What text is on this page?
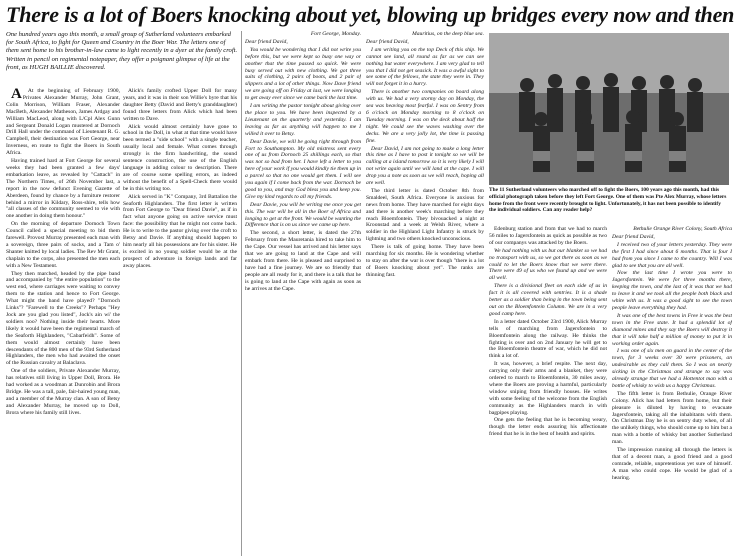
There is a lot of Boers knocking about yet, blowing up bridges every now and then
One hundred years ago this month, a small group of Sutherland volunteers embarked for South Africa, to fight for Queen and Country in the Boer War. The letters one of them sent home to his brother-in-law came to light recently in a dyer at the family croft. Written in pencil on regimental notepaper, they offer a poignant glimpse of life at the front, as HUGH BAILLIE discovered.

A At the beginning of February 1900, Privates Alexander Murray, John Grant, Colin Morrison, William Fraser, Alexander MacBeth, Alexander Matheson, James Ardgay and William MacLeod, along with L/Cpl Alex Gunn and Sergeant Donald Logan mustered at Dornoch Drill Hall under the command of Lieutenant R. G. Campbell, their destination was Fort George, near Inverness, en route to fight the Boers in South Africa.

Having trained hard at Fort George for several weeks they had been granted a few days' embarkation leave, as revealed by "Cattach" in The Northern Times, of 26th November last, a report in the now defunct Evening Gazette of Aberdeen, found by chance by a furniture restorer behind a mirror in Kildary, Ross-shire, tells how "all classes of the community seemed to vie with one another in doing them honour."

On the morning of departure Dornoch Town Council called a special meeting to bid them farewell. Provost Murray presented each man with a sovereign, three pairs of socks, and a Tam o' Shanter knitted by local ladies. The Rev Mr Grant, chaplain to the corps, also presented the men each with a New Testament.

They then marched, headed by the pipe band and accompanied by "the entire population" to the west end, where carriages were waiting to convey them to the station and hence to Fort George. What might the band have played? "Dornoch Links"? "Farewell to the Creeks"? Perhaps "Hey Jock are you glad you listed", Jock's ain wi' the soldiers noo? Nothing inside their hearts. More likely it would have been the regimental march of the Seaforth Highlanders, "Cabarfeidh". Some of them would almost certainly have been descendants of the 800 men of the 93rd Sutherland Highlanders, the men who had awaited the onset of the Russian cavalry at Balaclava.

One of the soldiers, Private Alexander Murray, has relatives still living in Upper Doll, Brora. He had worked as a woodman at Dunrobin and Brora Bridge. He was a tall, pale, fair-haired young man, and a member of the Murray clan. A son of Betsy and Alexander Murray, he moved up to Doll, Brora where his family still lives.

Alick's family crofted Upper Doll for many years, and it was in their son Willie's byre that his daughter Betty (David and Betty's granddaughter) found three letters from Alick which had been written to Dave.

Alick would almost certainly have gone to school in the Doll, in what at that time would have been termed a "side school" with a single teacher, usually local and female. What comes through strongly is the firm handwriting, the sound sentence construction, the use of the English language in adding colour to description. There are of course some spelling errors, as indeed without the benefit of a Spell-Check there would be in this writing too.

Alick served in "K" Company, 3rd Battalion the Seaforth Highlanders. The first letter is written from Fort George to "Dear friend Davie", as if in fact what anyone going on active service must face: the possibility that he might not come back. He is to write to the pastor giving over the croft to Betsy and Davie. If anything should happen to him nearly all his possessions are for his sister. He is excited in no young soldier would be at the prospect of adventure in foreign lands and far away places.

Fort George, Monday.

Dear friend David,

You would be wondering that I did not write you before this, but we were kept so busy one way or another that the time passed so quick. We were busy served out with new clothing. We got three suits of clothing, 2 pairs of boots, and 2 pair of slippers and a lot of other things. Now Dave friend we are going off on Friday at last, we were longing to get away ever since we came back the last time.

I am writing the pastor tonight about giving over the place to you. We have been inspected by a Lieutenant on the quarterly and yesterday. I am leaving as far as anything will happen to me I willed it over to Betsy.

Dear Davie, we will be going right through from Fort to Southampton. My old mistress sent every one of us from Dornoch 25 shillings each, so that was not so bad from her. I have left a letter to you here of your work if you would kindly tie them up in a parcel so that no one would get them. I will see you again if I come back from the war. Dornoch be good to you, and may God bless you and keep you. Give my kind regards to all my friends.

Dear Davie, you will be writing me once you get this. The war will be all in the Boer of Africa and longing to get at the front. We would be wanting the Difference that is on us since we came up here.

The second, a short letter, is dated the 27th February from the Mauretania hired to take him to the Cape. Our vessel has arrived and his letter says that we are going to land at the Cape and will embark from there. He is pleased and surprised to have had a fine journey. We are so friendly that people are all ready for it, and there is a talk that he is going to land at the Cape with again as soon as he arrives at the Cape.

Mauritius, on the deep blue sea.

Dear friend David,

I am writing you on the top Deck of this ship. We cannot see land, all round as far as we can see nothing but water everywhere. I am very glad to tell you that I did not get seasick. It was a awful sight to see some of the fellows, the state they were in. They will not forget it in a hurry.

There is another two companies on board along with us. We had a very stormy day on Monday, the sea was heaving most fearful. I was on Sentry from 6 o'clock on Monday morning to 8 o'clock on Tuesday morning. I was on the deck about half the night. We could see the waves washing over the decks. We are a very jolly lot, the time is passing fine.

Dear David, I am not going to make a long letter this time as I have to post it tonight so we will be calling at a island tomorrow so it is very likely I will not write again until we will land at the cape. I will drop you a note as soon as we will reach, hoping all are well.

The third letter is dated October 8th from Smaldeel, South Africa. Everyone is anxious for news from home. They have marched for eight days and there is another week's marching before they reach Bloemfontein. They bivouacked a night at Kroonstad and a week at Welsh River, where a soldier in the Highland Light Infantry is struck by lightning and two others knocked unconscious.

There is talk of going home. They have been marching for six months. He is wondering whether to stay on after the war is over though "there is a lot of Boers knocking about yet". The ranks are thinning fast.

The 11 Sutherland volunteers who marched off to fight the Boers, 100 years ago this month, had this official photograph taken before they left Fort George. One of them was Pte Alex Murray, whose letters home from the front were recently brought to light. Unfortunately, it has not been possible to identify the individual soldiers. Can any reader help?

Edenburg station and from that we had to march 56 miles to Jagersfontein as quick as possible as two of our companys was attacked by the Boers.

We had nothing with us but our blanket so we had no transport with us, so we got there as soon as we could to let the Boers know that we were there. There were 49 of us who we found up and we were all well.

There is a divisional fleet on each side of us in fact it is all covered with sentries. It is a shade better as a soldier than being in the town being sent out on the Bloemfontein Column. We are in a very good camp here.

In a letter dated October 23rd 1900, Alick Murray tells of marching from Jagersfontein to Bloemfontein along the railway. He thinks the fighting is over and on 2nd January he will get to the Bloemfontein theatre of war, which he did not think a lot of.

It was, however, a brief respite. The next day, carrying only their arms and a blanket, they were ordered to march to Bloemfontein, 30 miles away, where the Boers are proving a harmful, particularly window sniping from friendly houses. He writes with some feeling of the welcome from the English community as the Highlanders march in with bagpipes playing.

One gets the feeling that he is becoming weary, though the letter ends assuring his affectionate friend that he is in the best of health and spirits.

Bethulie Orange River Colony, South Africa

Dear friend David,

I received two of your letters yesterday. They were the first I had since about 6 months. That is four I had from you since I came to the country. Will I was glad to see that you are all well.

Now the last time I wrote you were to Jagersfontein. We were for three months there, keeping the town, and the last of it was that we had to leave it and we took all the people both black and white with us. It was a good sight to see the town people leave everything they had.

It was one of the best towns in Free it was the best town in the Free state. It had a splendid lot of diamond mines and they say the Boers will destroy it that it will take half a million of money to put it in working order again.

I was one of six men on guard in the center of the town, for 3 weeks over 30 were prisoners, an undesirable as they call them. So I was on nearly sicking in the Christmas and strange to say was already strange that we had a Hottentot man with a bottle of whisky to wish us a happy Christmas.

The fifth letter is from Bethulie, Orange River Colony. Alick has had letters from home, but their pleasure is diluted by having to evacuate Jagersfontein, taking all the inhabitants with them. On Christmas Day he is on sentry duty when, of all the unlikely things, who should come up to him but a man with a bottle of whisky but another Sutherland man.

The impression running all through the letters is that of a decent man, a good friend and a good comrade, reliable, unpretentious yet sure of himself. A man who could cope. He would be glad of a hearing.
